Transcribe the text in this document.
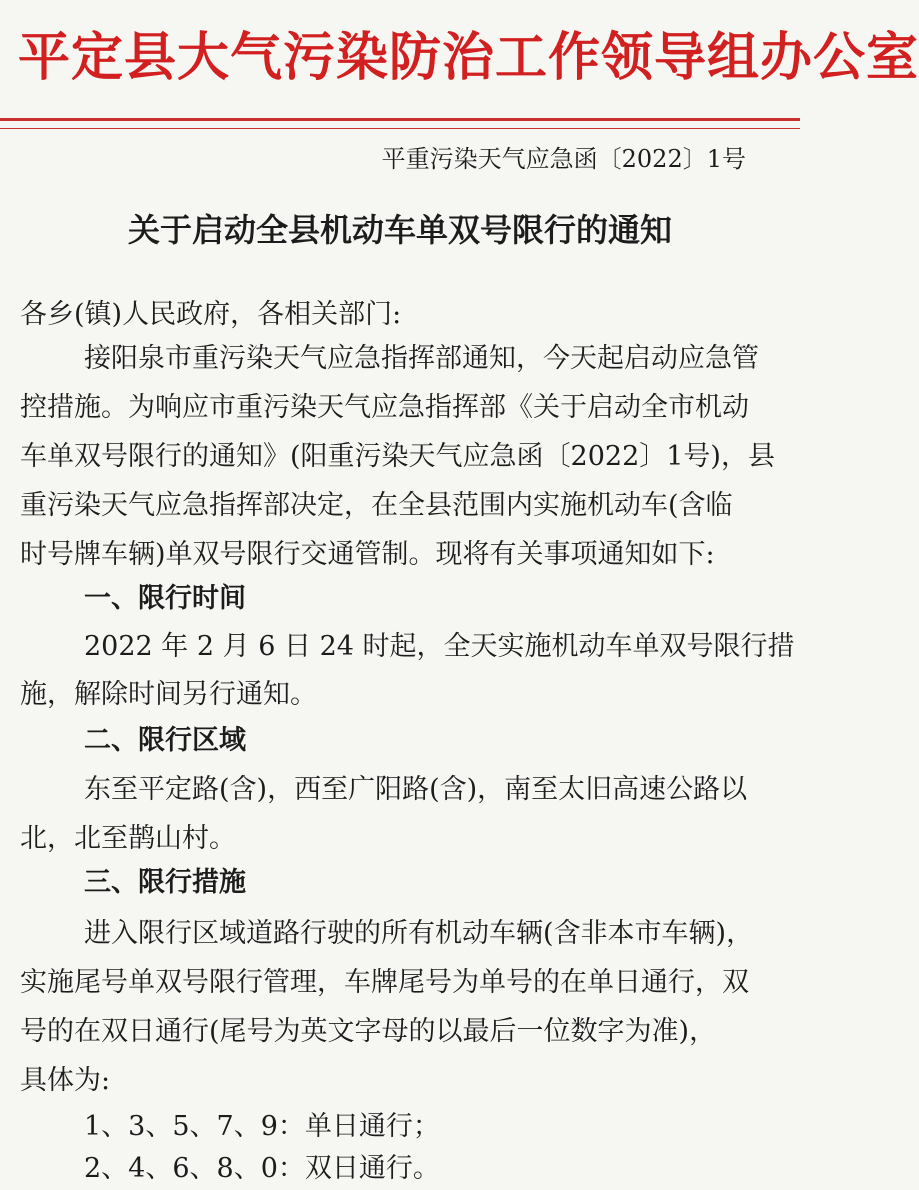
平定县大气污染防治工作领导组办公室
平重污染天气应急函〔2022〕1号
关于启动全县机动车单双号限行的通知
各乡(镇)人民政府，各相关部门:
接阳泉市重污染天气应急指挥部通知，今天起启动应急管
控措施。为响应市重污染天气应急指挥部《关于启动全市机动
车单双号限行的通知》(阳重污染天气应急函〔2022〕1号)，县
重污染天气应急指挥部决定，在全县范围内实施机动车(含临
时号牌车辆)单双号限行交通管制。现将有关事项通知如下:
一、限行时间
2022 年 2 月 6 日 24 时起，全天实施机动车单双号限行措
施，解除时间另行通知。
二、限行区域
东至平定路(含)，西至广阳路(含)，南至太旧高速公路以
北，北至鹊山村。
三、限行措施
进入限行区域道路行驶的所有机动车辆(含非本市车辆)，
实施尾号单双号限行管理，车牌尾号为单号的在单日通行，双
号的在双日通行(尾号为英文字母的以最后一位数字为准)，
具体为:
1、3、5、7、9：单日通行；
2、4、6、8、0：双日通行。
